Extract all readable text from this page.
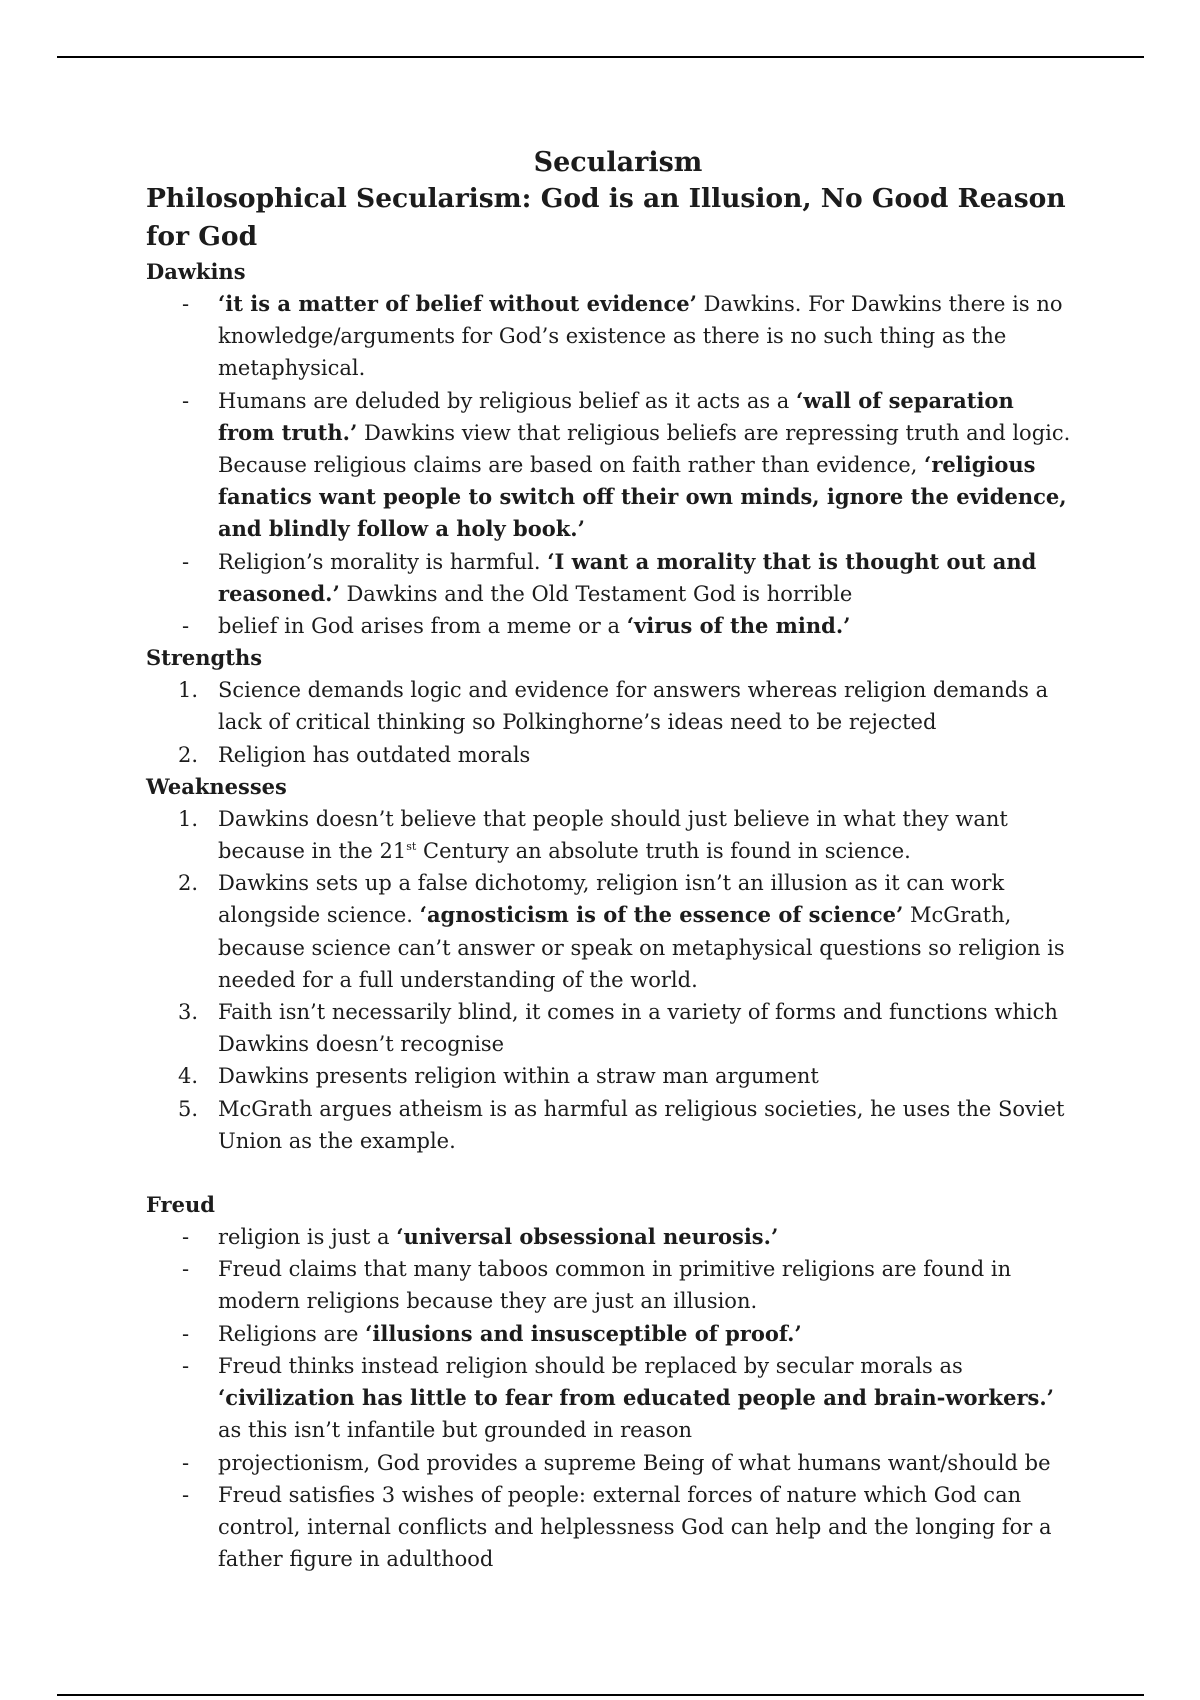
Secularism
Philosophical Secularism: God is an Illusion, No Good Reason for God
Dawkins
- ‘it is a matter of belief without evidence’ Dawkins. For Dawkins there is no knowledge/arguments for God’s existence as there is no such thing as the metaphysical.
- Humans are deluded by religious belief as it acts as a ‘wall of separation from truth.’ Dawkins view that religious beliefs are repressing truth and logic. Because religious claims are based on faith rather than evidence, ‘religious fanatics want people to switch off their own minds, ignore the evidence, and blindly follow a holy book.’
- Religion’s morality is harmful. ‘I want a morality that is thought out and reasoned.’ Dawkins and the Old Testament God is horrible
- belief in God arises from a meme or a ‘virus of the mind.’
Strengths
1. Science demands logic and evidence for answers whereas religion demands a lack of critical thinking so Polkinghorne’s ideas need to be rejected
2. Religion has outdated morals
Weaknesses
1. Dawkins doesn’t believe that people should just believe in what they want because in the 21st Century an absolute truth is found in science.
2. Dawkins sets up a false dichotomy, religion isn’t an illusion as it can work alongside science. ‘agnosticism is of the essence of science’ McGrath, because science can’t answer or speak on metaphysical questions so religion is needed for a full understanding of the world.
3. Faith isn’t necessarily blind, it comes in a variety of forms and functions which Dawkins doesn’t recognise
4. Dawkins presents religion within a straw man argument
5. McGrath argues atheism is as harmful as religious societies, he uses the Soviet Union as the example.
Freud
- religion is just a ‘universal obsessional neurosis.’
- Freud claims that many taboos common in primitive religions are found in modern religions because they are just an illusion.
- Religions are ‘illusions and insusceptible of proof.’
- Freud thinks instead religion should be replaced by secular morals as ‘civilization has little to fear from educated people and brain-workers.’ as this isn’t infantile but grounded in reason
- projectionism, God provides a supreme Being of what humans want/should be
- Freud satisfies 3 wishes of people: external forces of nature which God can control, internal conflicts and helplessness God can help and the longing for a father figure in adulthood
